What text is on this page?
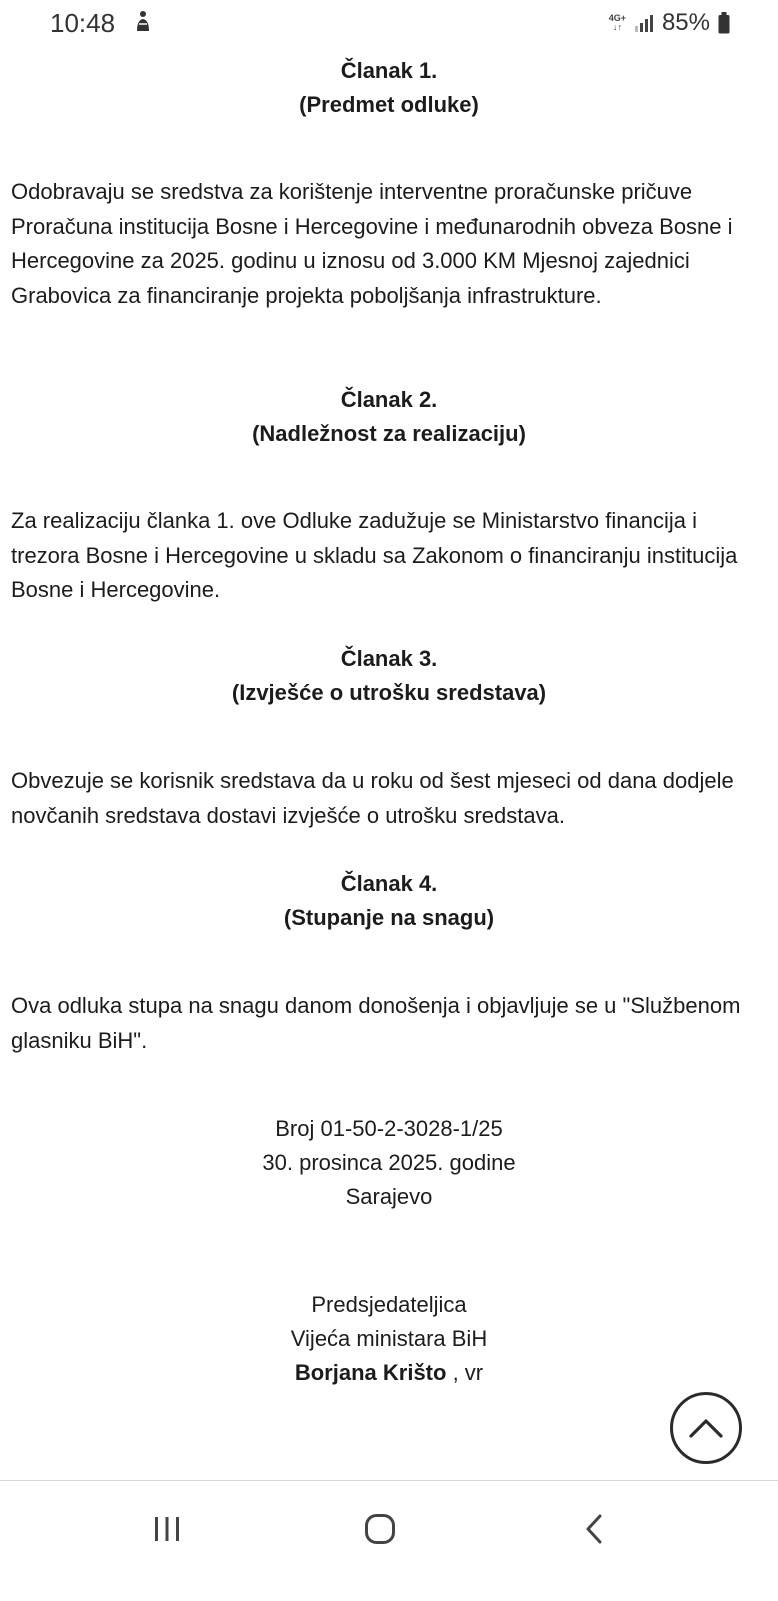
10:48	4G+
↓↑ 85%
Članak 1.
(Predmet odluke)
Odobravaju se sredstva za korištenje interventne proračunske pričuve Proračuna institucija Bosne i Hercegovine i međunarodnih obveza Bosne i Hercegovine za 2025. godinu u iznosu od 3.000 KM Mjesnoj zajednici Grabovica za financiranje projekta poboljšanja infrastrukture.
Članak 2.
(Nadležnost za realizaciju)
Za realizaciju članka 1. ove Odluke zadužuje se Ministarstvo financija i trezora Bosne i Hercegovine u skladu sa Zakonom o financiranju institucija Bosne i Hercegovine.
Članak 3.
(Izvješće o utrošku sredstava)
Obvezuje se korisnik sredstava da u roku od šest mjeseci od dana dodjele novčanih sredstava dostavi izvješće o utrošku sredstava.
Članak 4.
(Stupanje na snagu)
Ova odluka stupa na snagu danom donošenja i objavljuje se u "Službenom glasniku BiH".
Broj 01-50-2-3028-1/25
30. prosinca 2025. godine
Sarajevo
Predsjedateljica
Vijeća ministara BiH
Borjana Krišto , vr
